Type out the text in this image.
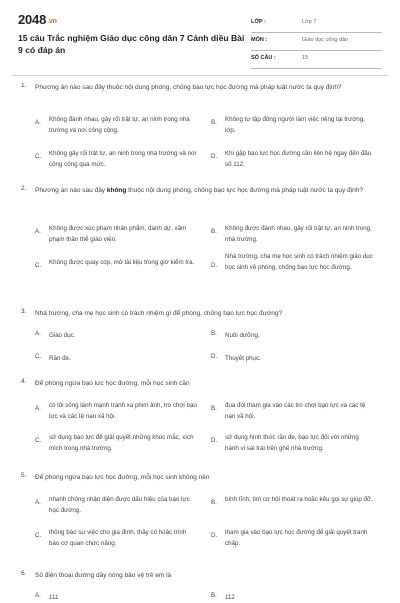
2048.vn
15 câu Trắc nghiệm Giáo dục công dân 7 Cánh diều Bài 9 có đáp án
LỚP :	Lớp 7
MÔN :	Giáo dục công dân
SỐ CÂU :	15
1. Phương án nào sau đây thuộc nội dung phòng, chống bạo lực học đường mà pháp luật nước ta quy định?
A. Không đánh nhau, gây rối trật tự, an ninh trong nhà trường và nơi công cộng.
B. Không tự tập đông người làm việc riêng tại trường, lớp.
C. Không gây rối trật tự, an ninh trong nhà trường và nơi công cộng quá mức.
D. Khi gặp bạo lực học đường cần liên hệ ngay đến đầu số 112.
2. Phương án nào sau đây không thuộc nội dung phòng, chống bạo lực học đường mà pháp luật nước ta quy định?
A. Không được xúc phạm nhân phẩm, danh dự, xâm phạm thân thể giáo viên.
B. Không được đánh nhau, gây rối trật tự, an ninh trong nhà trường.
C. Không được quay cóp, mở tài liệu trong giờ kiểm tra.	D.
Nhà trường, cha mẹ học sinh có trách nhiệm giáo dục học sinh về phòng, chống bạo lực học đường.
3. Nhà trường, cha mẹ học sinh có trách nhiệm gì để phòng, chống bạo lực học đường?
A. Giáo dục.	B. Nuôi dưỡng.
C. Răn đe.	D. Thuyết phục.
4. Để phòng ngừa bạo lực học đường, mỗi học sinh cần
A. có lối sống lành mạnh tránh xa phim ảnh, trò chơi bạo lực và các tệ nạn xã hội.
B. đua đòi tham gia vào các trò chơi bạo lực và các tệ nạn xã hội.
C. sử dụng bạo lực để giải quyết những khúc mắc, xích mích trong nhà trường.
D. sử dụng hình thức răn đe, bạo lực đối với những hành vi sai trái trên ghế nhà trường.
5. Để phòng ngừa bạo lực học đường, mỗi học sinh không nên
A. nhanh chóng nhận diện được dấu hiệu của bạo lực học đường.
B. bình tĩnh, tìm cơ hội thoát ra hoặc kêu gọi sự giúp đỡ.
C. thông báo sự việc cho gia đình, thầy cô hoặc trình báo cơ quan chức năng.
D. tham gia vào bạo lực học đường để giải quyết tranh chấp.
6. Số điện thoại đường dây nóng bảo vệ trẻ em là
A. 111	B. 112
